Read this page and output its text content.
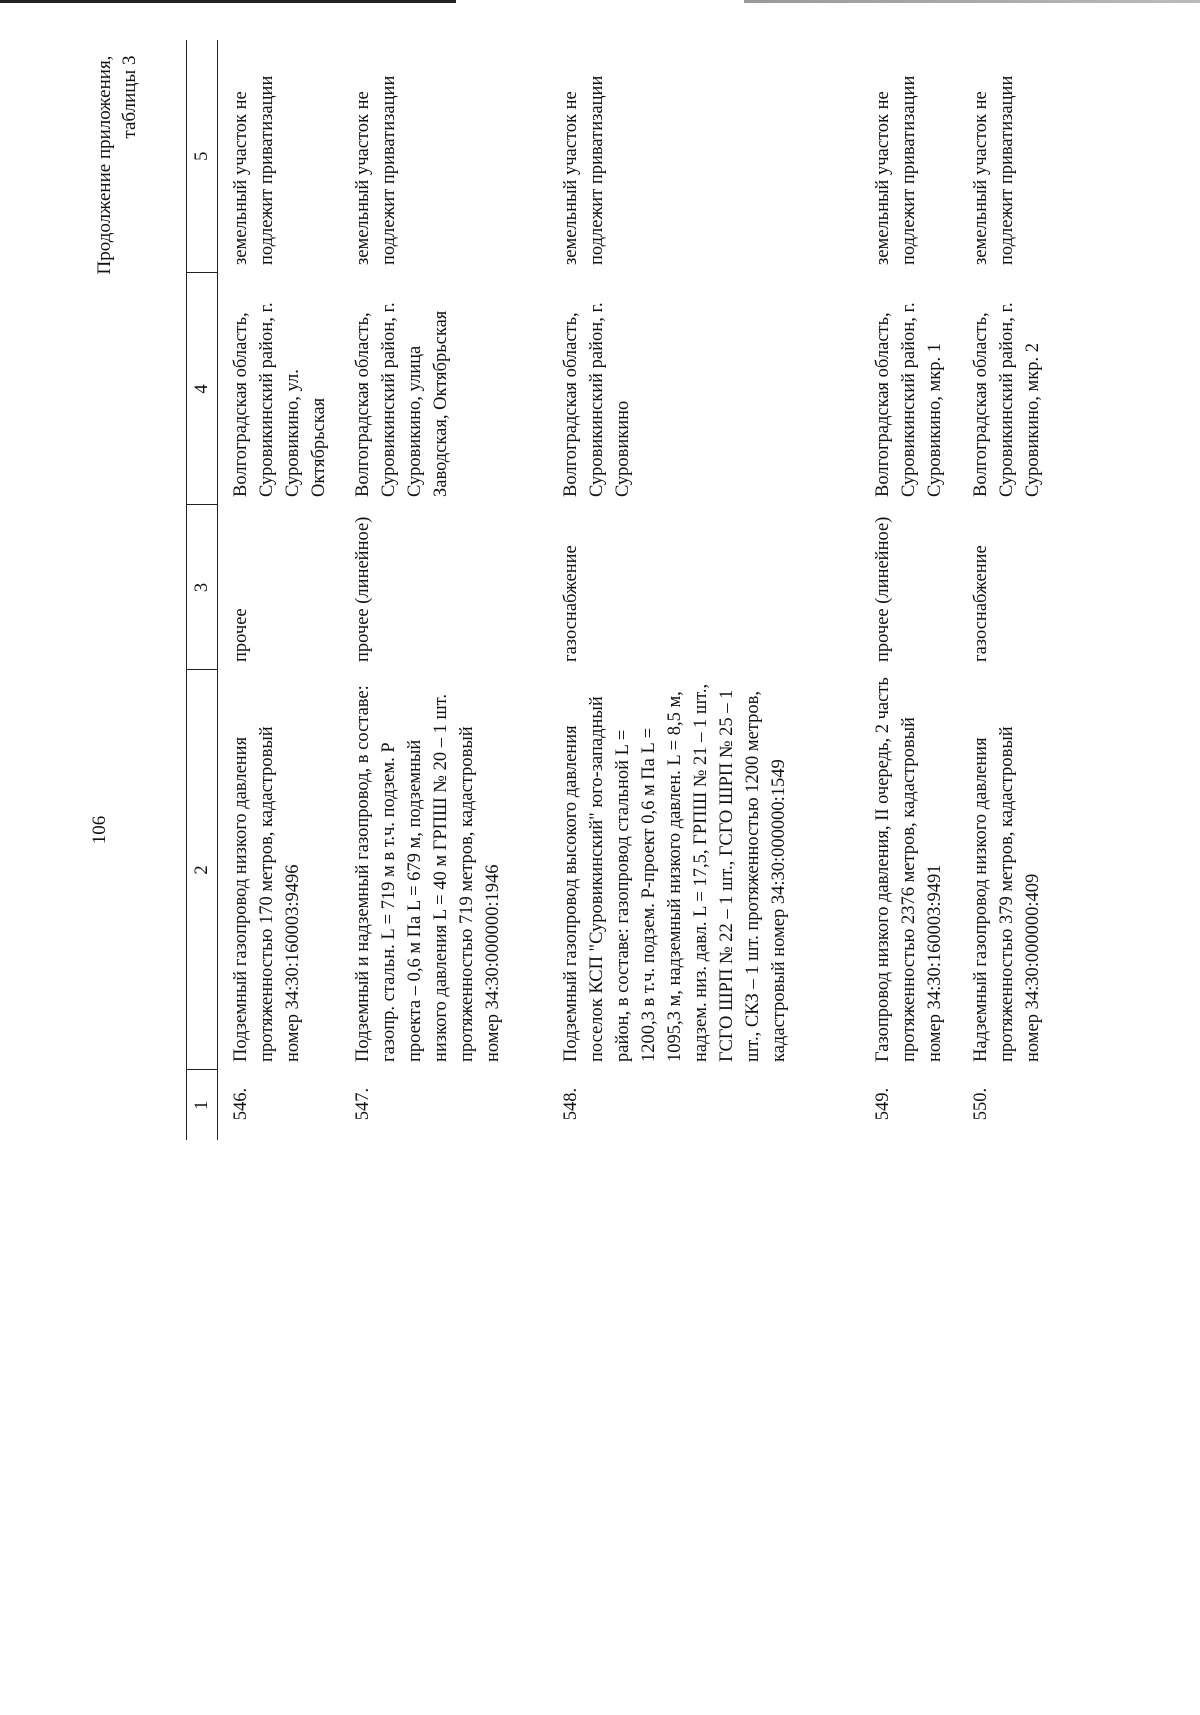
106
Продолжение приложения, таблицы 3
1	2	3	4	5
546.	Подземный газопровод низкого давления протяженностью 170 метров, кадастровый номер 34:30:160003:9496	прочее	Волгоградская область, Суровикинский район, г. Суровикино, ул. Октябрьская	земельный участок не подлежит приватизации
547.	Подземный и надземный газопровод, в составе: газопр. стальн. L = 719 м в т.ч. подзем. Р проекта – 0,6 м Па L = 679 м, подземный низкого давления L = 40 м ГРПШ № 20 – 1 шт. протяженностью 719 метров, кадастровый номер 34:30:000000:1946	прочее (линейное)	Волгоградская область, Суровикинский район, г. Суровикино, улица Заводская, Октябрьская	земельный участок не подлежит приватизации
548.	Подземный газопровод высокого давления поселок КСП "Суровикинский" юго-западный район, в составе: газопровод стальной L = 1200,3 в т.ч. подзем. Р-проект 0,6 м Па L = 1095,3 м, надземный низкого давлен. L = 8,5 м, надзем. низ. давл. L = 17,5, ГРПШ № 21 – 1 шт., ГСГО ШРП № 22 – 1 шт., ГСГО ШРП № 25 – 1 шт., СКЗ – 1 шт. протяженностью 1200 метров, кадастровый номер 34:30:000000:1549	газоснабжение	Волгоградская область, Суровикинский район, г. Суровикино	земельный участок не подлежит приватизации
549.	Газопровод низкого давления, II очередь, 2 часть протяженностью 2376 метров, кадастровый номер 34:30:160003:9491	прочее (линейное)	Волгоградская область, Суровикинский район, г. Суровикино, мкр. 1	земельный участок не подлежит приватизации
550.	Надземный газопровод низкого давления протяженностью 379 метров, кадастровый номер 34:30:000000:409	газоснабжение	Волгоградская область, Суровикинский район, г. Суровикино, мкр. 2	земельный участок не подлежит приватизации
